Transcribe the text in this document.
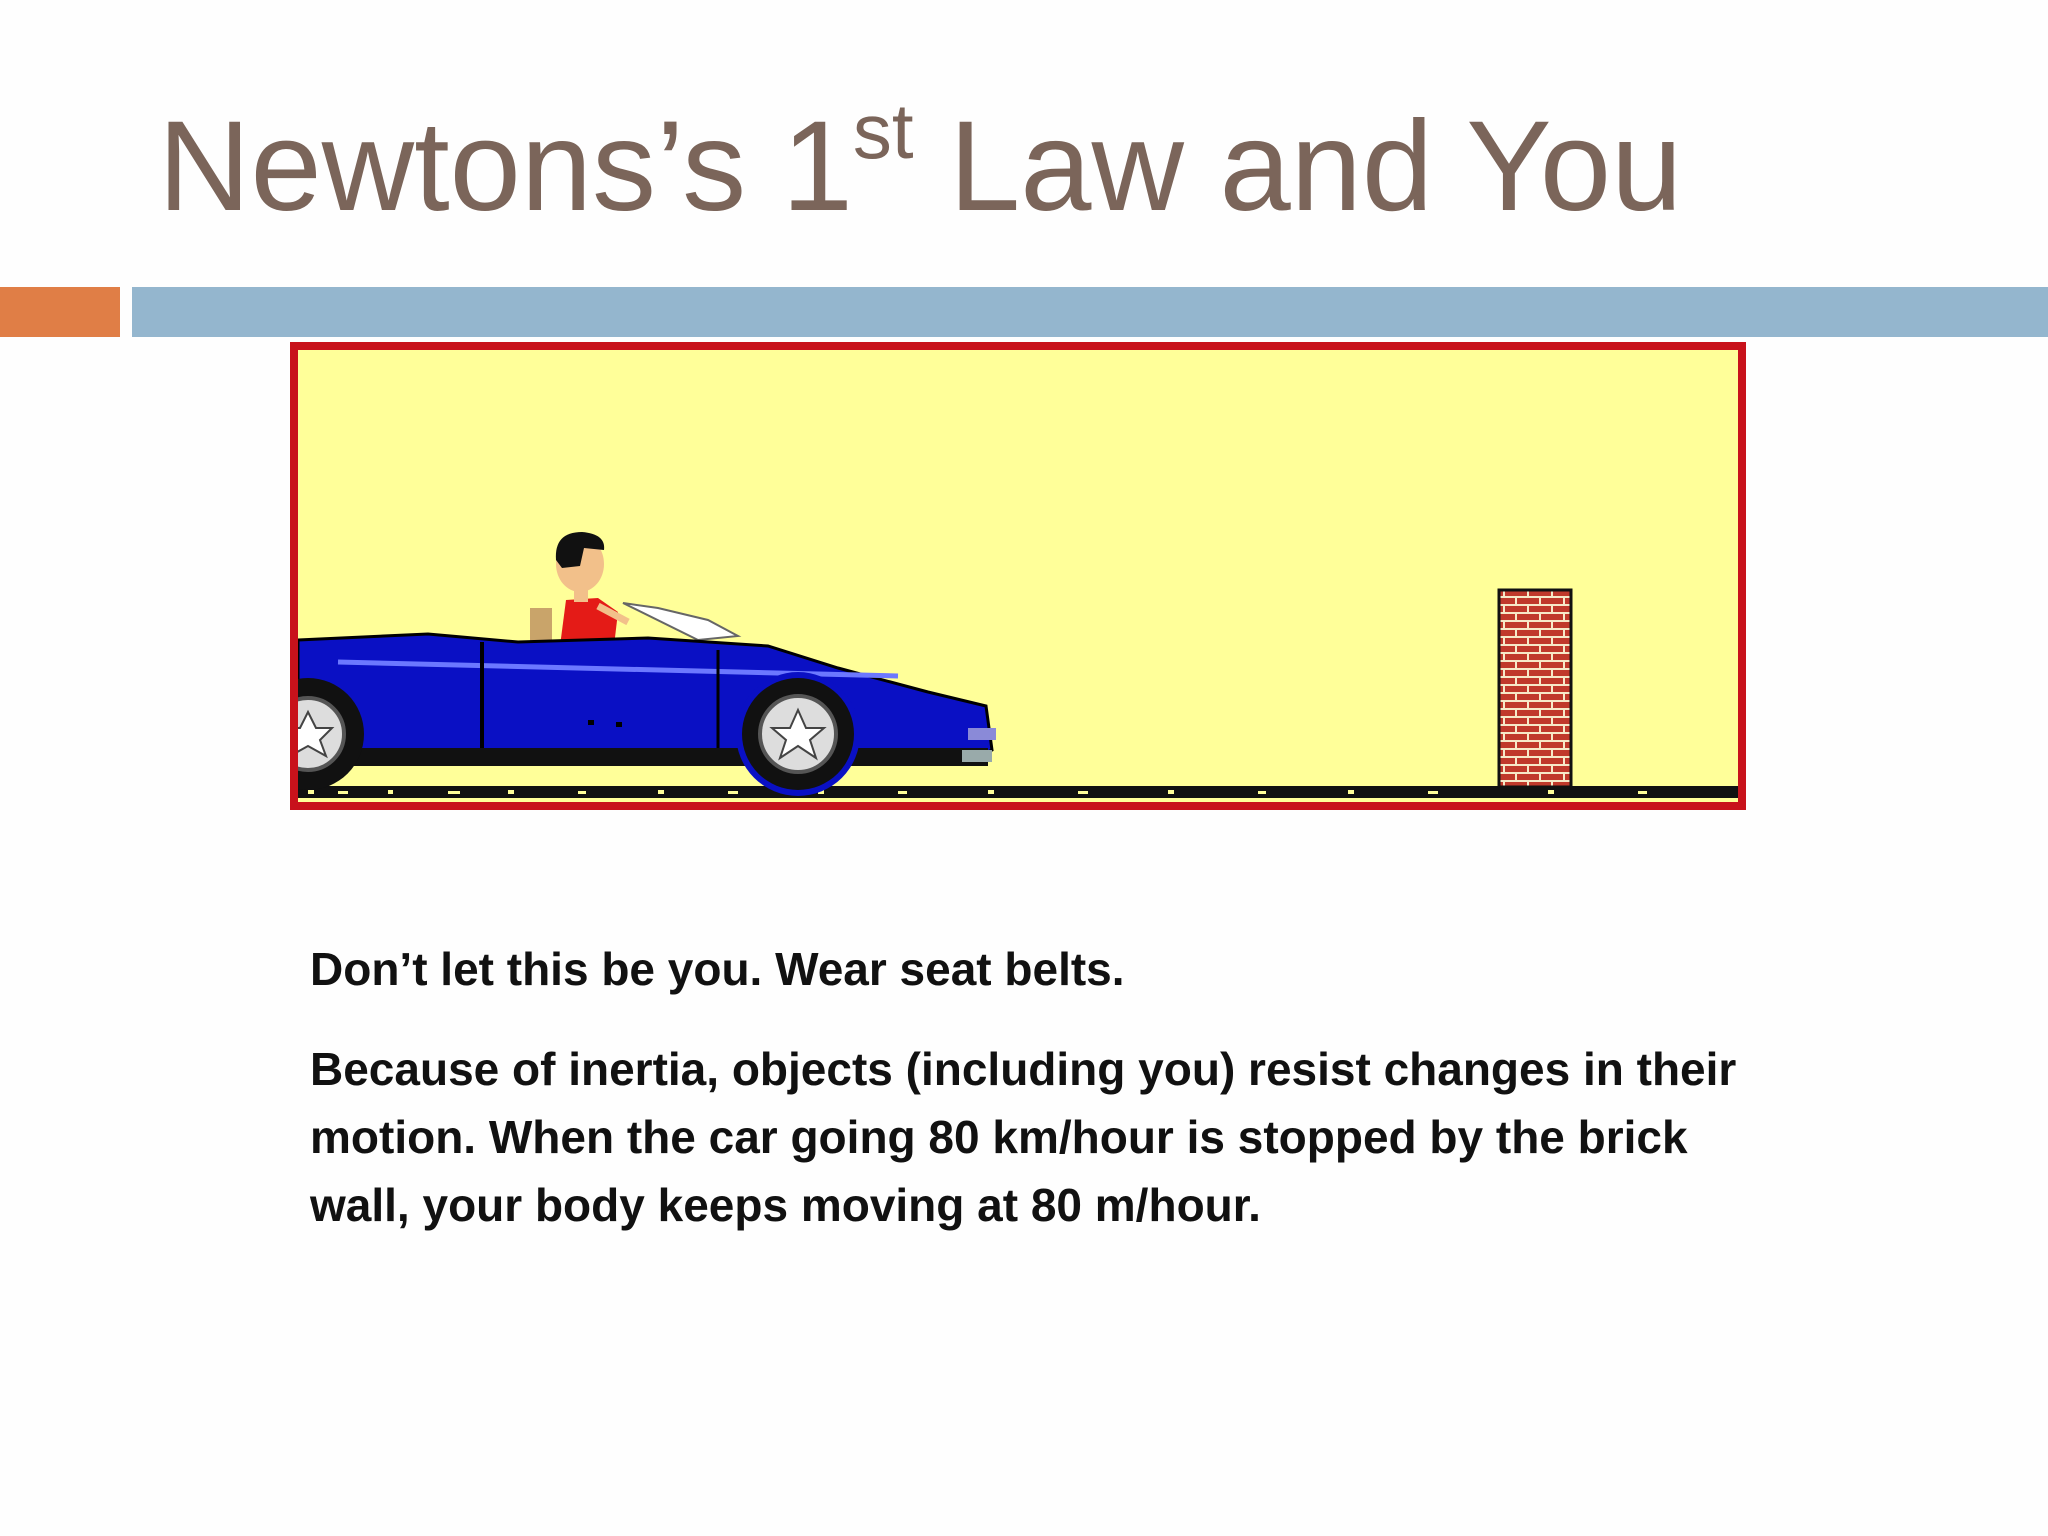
Newtons’s 1st Law and You

Don’t let this be you. Wear seat belts.

Because of inertia, objects (including you) resist changes in their motion. When the car going 80 km/hour is stopped by the brick wall, your body keeps moving at 80 m/hour.
